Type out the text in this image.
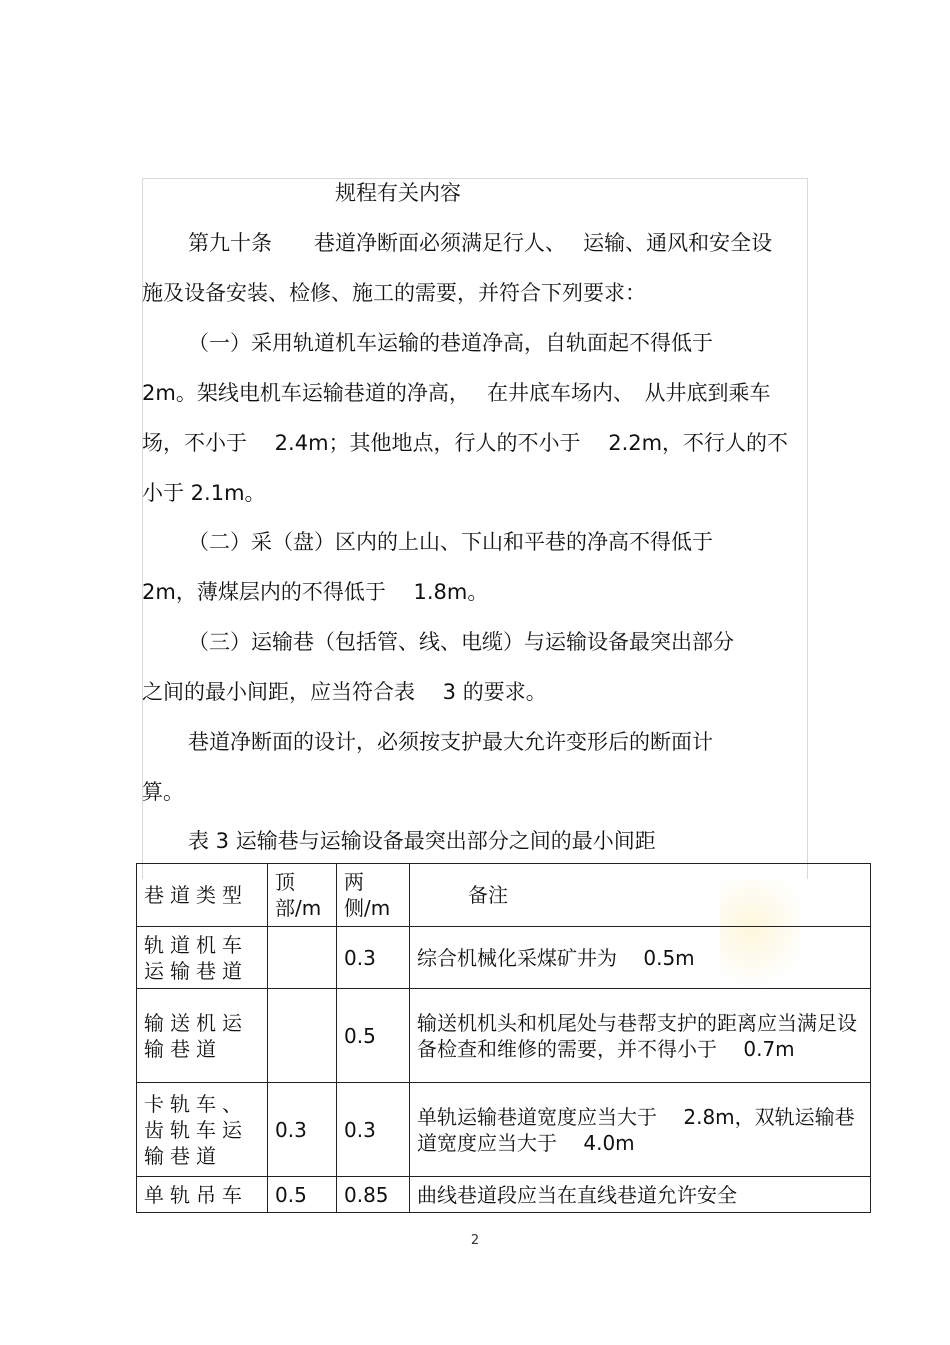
规程有关内容
第九十条　　巷道净断面必须满足行人、　 运输、通风和安全设
施及设备安装、检修、施工的需要，并符合下列要求：
（一）采用轨道机车运输的巷道净高，自轨面起不得低于
2m。架线电机车运输巷道的净高，　 在井底车场内、　从井底到乘车
场，不小于　 2.4m；其他地点，行人的不小于　 2.2m，不行人的不
小于 2.1m。
（二）采（盘）区内的上山、下山和平巷的净高不得低于
2m，薄煤层内的不得低于　 1.8m。
（三）运输巷（包括管、线、电缆）与运输设备最突出部分
之间的最小间距，应当符合表　 3 的要求。
巷道净断面的设计，必须按支护最大允许变形后的断面计
算。
表 3 运输巷与运输设备最突出部分之间的最小间距
巷道类型	顶部/m	两侧/m	备注
轨道机车运输巷道		0.3	综合机械化采煤矿井为　 0.5m
输送机运输巷道		0.5	输送机机头和机尾处与巷帮支护的距离应当满足设备检查和维修的需要，并不得小于　 0.7m
卡轨车、齿轨车运输巷道	0.3	0.3	单轨运输巷道宽度应当大于　 2.8m，双轨运输巷道宽度应当大于　 4.0m
单轨吊车	0.5	0.85	曲线巷道段应当在直线巷道允许安全
2
